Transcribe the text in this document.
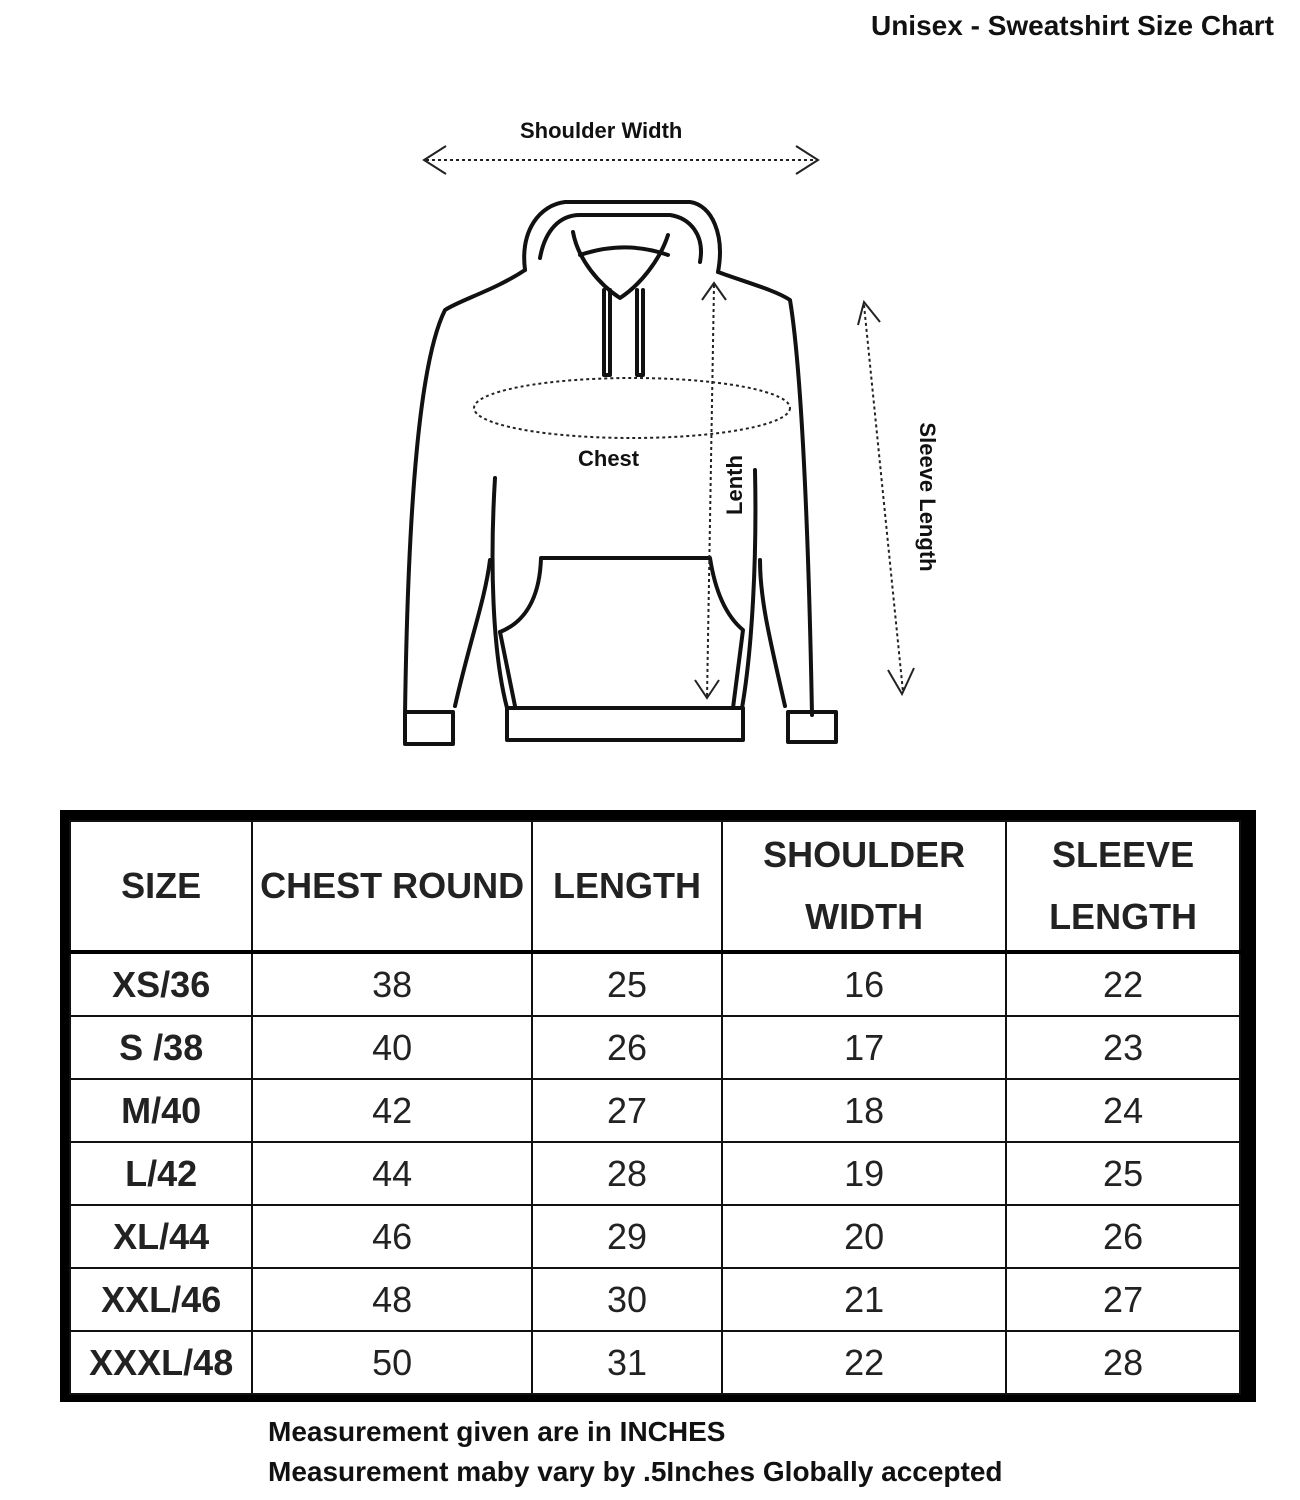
Unisex - Sweatshirt Size Chart
Shoulder Width
Chest	Lenth	Sleeve Length
SIZE	CHEST ROUND	LENGTH	SHOULDER WIDTH	SLEEVE LENGTH
XS/36	38	25	16	22
S /38	40	26	17	23
M/40	42	27	18	24
L/42	44	28	19	25
XL/44	46	29	20	26
XXL/46	48	30	21	27
XXXL/48	50	31	22	28
Measurement given are in INCHES
Measurement maby vary by .5Inches Globally accepted
